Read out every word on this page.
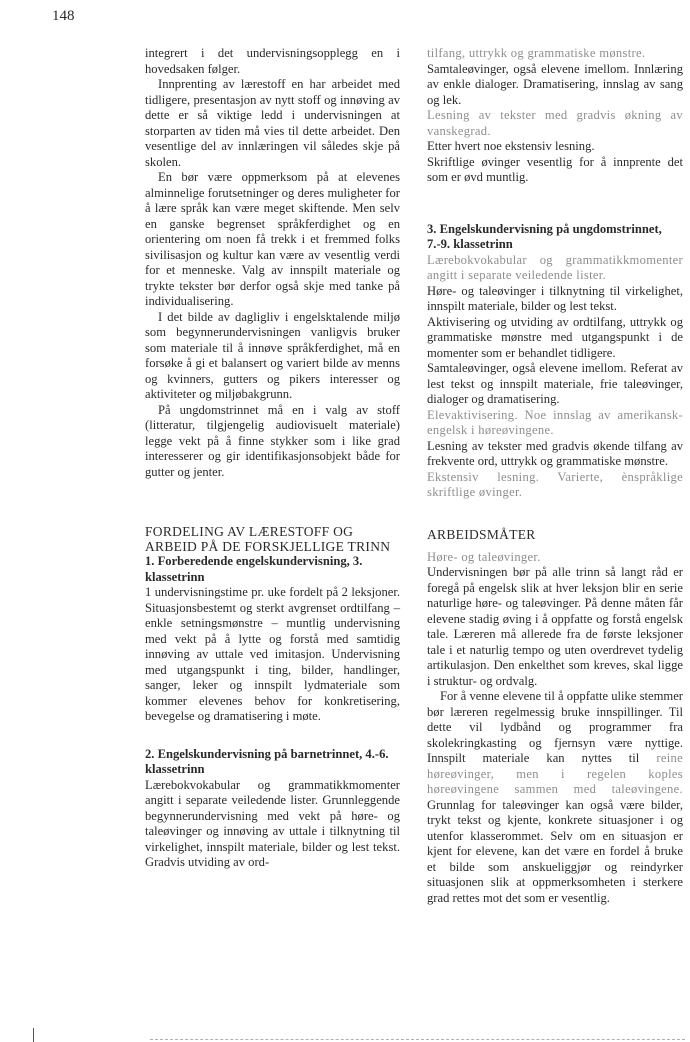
148

integrert i det undervisningsopplegg en i hovedsaken følger.

Innprenting av lærestoff en har arbeidet med tidligere, presentasjon av nytt stoff og innøving av dette er så viktige ledd i undervisningen at storparten av tiden må vies til dette arbeidet. Den vesentlige del av innlæringen vil således skje på skolen.

En bør være oppmerksom på at elevenes alminnelige forutsetninger og deres muligheter for å lære språk kan være meget skiftende. Men selv en ganske begrenset språkferdighet og en orientering om noen få trekk i et fremmed folks sivilisasjon og kultur kan være av vesentlig verdi for et menneske. Valg av innspilt materiale og trykte tekster bør derfor også skje med tanke på individualisering.

I det bilde av dagligliv i engelsktalende miljø som begynnerundervisningen vanligvis bruker som materiale til å innøve språkferdighet, må en forsøke å gi et balansert og variert bilde av menns og kvinners, gutters og pikers interesser og aktiviteter og miljøbakgrunn.

På ungdomstrinnet må en i valg av stoff (litteratur, tilgjengelig audiovisuelt materiale) legge vekt på å finne stykker som i like grad interesserer og gir identifikasjonsobjekt både for gutter og jenter.

FORDELING AV LÆRESTOFF OG ARBEID PÅ DE FORSKJELLIGE TRINN

1. Forberedende engelskundervisning, 3. klassetrinn

1 undervisningstime pr. uke fordelt på 2 leksjoner. Situasjonsbestemt og sterkt avgrenset ordtilfang – enkle setningsmønstre – muntlig undervisning med vekt på å lytte og forstå med samtidig innøving av uttale ved imitasjon. Undervisning med utgangspunkt i ting, bilder, handlinger, sanger, leker og innspilt lydmateriale som kommer elevenes behov for konkretisering, bevegelse og dramatisering i møte.

2. Engelskundervisning på barnetrinnet, 4.-6. klassetrinn

Lærebokvokabular og grammatikkmomenter angitt i separate veiledende lister. Grunnleggende begynnerundervisning med vekt på høre- og taleøvinger og innøving av uttale i tilknytning til virkelighet, innspilt materiale, bilder og lest tekst. Gradvis utviding av ord-

tilfang, uttrykk og grammatiske mønstre.

Samtaleøvinger, også elevene imellom. Innlæring av enkle dialoger. Dramatisering, innslag av sang og lek.

Lesning av tekster med gradvis økning av vanskegrad.

Etter hvert noe ekstensiv lesning.

Skriftlige øvinger vesentlig for å innprente det som er øvd muntlig.

3. Engelskundervisning på ungdomstrinnet, 7.-9. klassetrinn

Lærebokvokabular og grammatikkmomenter angitt i separate veiledende lister.

Høre- og taleøvinger i tilknytning til virkelighet, innspilt materiale, bilder og lest tekst.

Aktivisering og utviding av ordtilfang, uttrykk og grammatiske mønstre med utgangspunkt i de momenter som er behandlet tidligere.

Samtaleøvinger, også elevene imellom. Referat av lest tekst og innspilt materiale, frie taleøvinger, dialoger og dramatisering.

Elevaktivisering. Noe innslag av amerikansk-engelsk i høreøvingene.

Lesning av tekster med gradvis økende tilfang av frekvente ord, uttrykk og grammatiske mønstre.

Ekstensiv lesning. Varierte, ènspråklige skriftlige øvinger.

ARBEIDSMÅTER

Høre- og taleøvinger.

Undervisningen bør på alle trinn så langt råd er foregå på engelsk slik at hver leksjon blir en serie naturlige høre- og taleøvinger. På denne måten får elevene stadig øving i å oppfatte og forstå engelsk tale. Læreren må allerede fra de første leksjoner tale i et naturlig tempo og uten overdrevet tydelig artikulasjon. Den enkelthet som kreves, skal ligge i struktur- og ordvalg.

For å venne elevene til å oppfatte ulike stemmer bør læreren regelmessig bruke innspillinger. Til dette vil lydbånd og programmer fra skolekringkasting og fjernsyn være nyttige. Innspilt materiale kan nyttes til reine høreøvinger, men i regelen koples høreøvingene sammen med taleøvingene. Grunnlag for taleøvinger kan også være bilder, trykt tekst og kjente, konkrete situasjoner i og utenfor klasserommet. Selv om en situasjon er kjent for elevene, kan det være en fordel å bruke et bilde som anskueliggjør og reindyrker situasjonen slik at oppmerksomheten i sterkere grad rettes mot det som er vesentlig.
